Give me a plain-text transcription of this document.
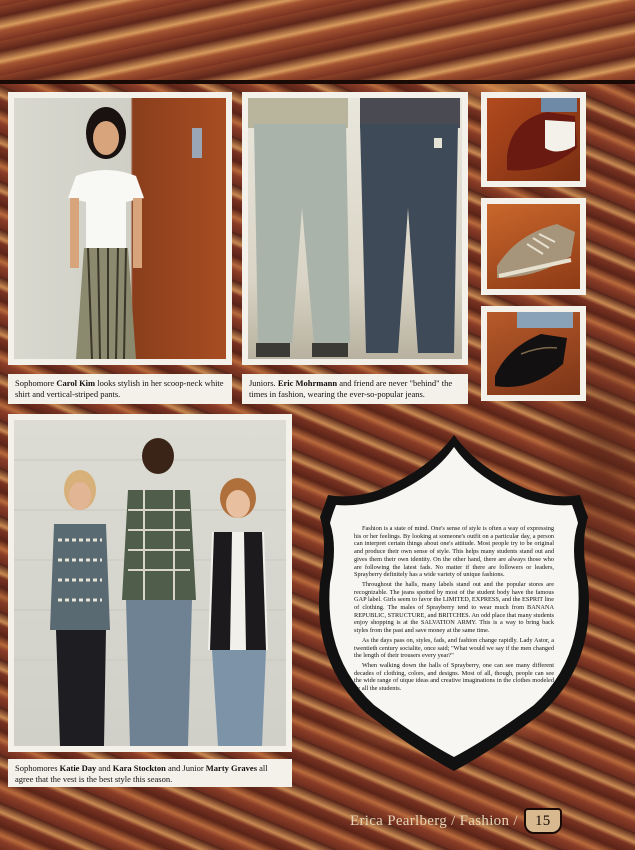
Sophomore Carol Kim looks stylish in her scoop-neck white shirt and vertical-striped pants.
Juniors. Eric Mohrmann and friend are never "behind" the times in fashion, wearing the ever-so-popular jeans.
Sophomores Katie Day and Kara Stockton and Junior Marty Graves all agree that the vest is the best style this season.

Fashion is a state of mind. One's sense of style is often a way of expressing his or her feelings. By looking at someone's outfit on a particular day, a person can interpret certain things about one's attitude. Most people try to be original and produce their own sense of style. This helps many students stand out and gives them their own identity. On the other hand, there are always those who are following the latest fads. No matter if there are followers or leaders, Sprayberry definitely has a wide variety of unique fashions.

Throughout the halls, many labels stand out and the popular stores are recognizable. The jeans spotted by most of the student body have the famous GAP label. Girls seem to favor the LIMITED, EXPRESS, and the ESPRIT line of clothing. The males of Sprayberry tend to wear much from BANANA REPUBLIC, STRUCTURE, and BRITCHES. An odd place that many students enjoy shopping is at the SALVATION ARMY. This is a way to bring back styles from the past and save money at the same time.

As the days pass on, styles, fads, and fashion change rapidly. Lady Astor, a twentieth century socialite, once said; "What would we say if the men changed the length of their trousers every year?"

When walking down the halls of Sprayberry, one can see many different decades of clothing, colors, and designs. Most of all, though, people can see the wide range of uique ideas and creative imaginations in the clothes modeled by all the students.

Erica Pearlberg / Fashion /	15
